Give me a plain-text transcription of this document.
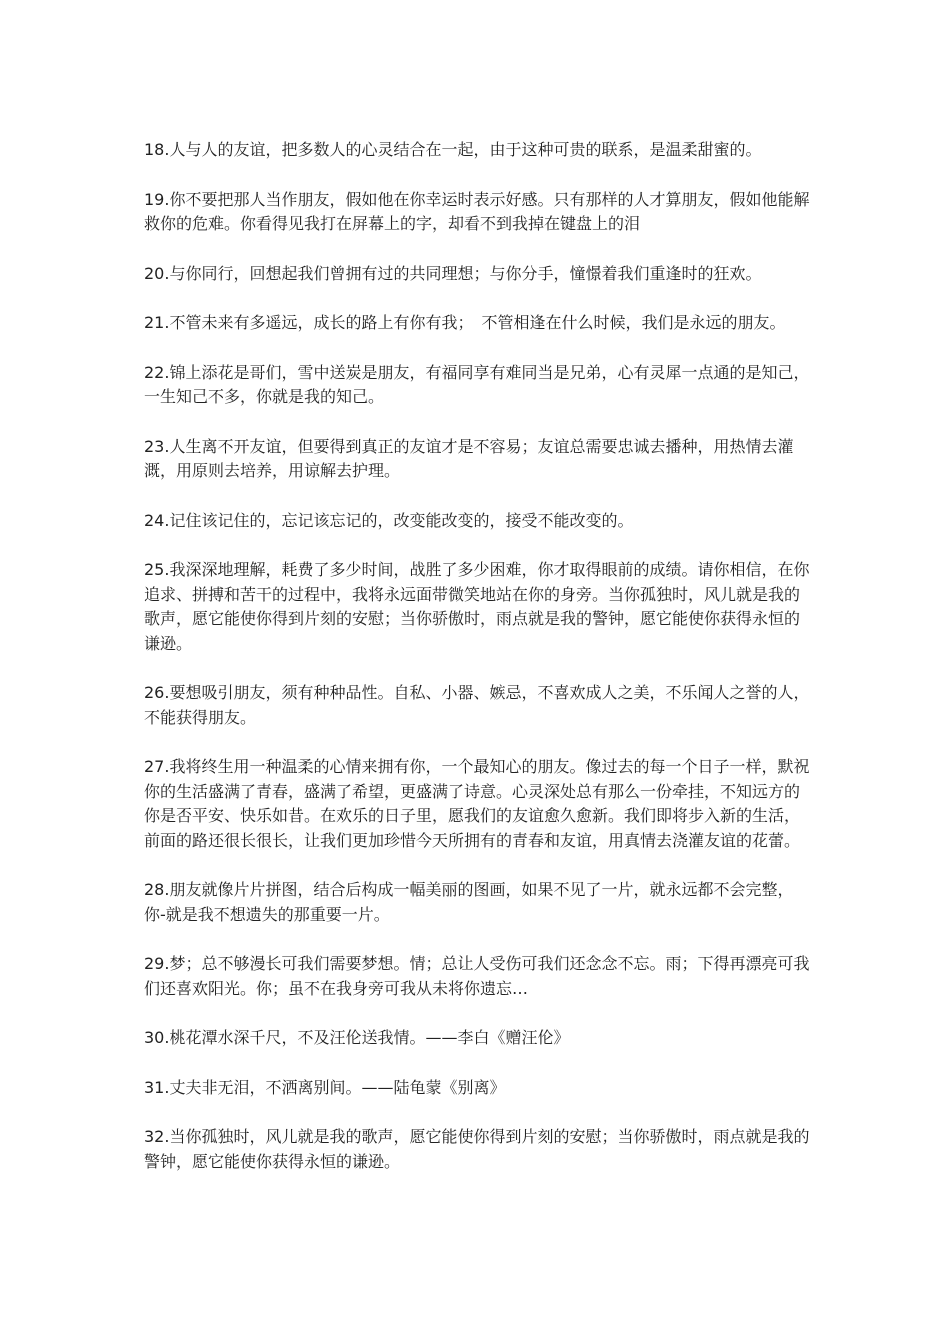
18.人与人的友谊，把多数人的心灵结合在一起，由于这种可贵的联系，是温柔甜蜜的。

19.你不要把那人当作朋友，假如他在你幸运时表示好感。只有那样的人才算朋友，假如他能解救你的危难。你看得见我打在屏幕上的字，却看不到我掉在键盘上的泪

20.与你同行，回想起我们曾拥有过的共同理想；与你分手，憧憬着我们重逢时的狂欢。

21.不管未来有多遥远，成长的路上有你有我；　不管相逢在什么时候，我们是永远的朋友。

22.锦上添花是哥们，雪中送炭是朋友，有福同享有难同当是兄弟，心有灵犀一点通的是知己，一生知己不多，你就是我的知己。

23.人生离不开友谊，但要得到真正的友谊才是不容易；友谊总需要忠诚去播种，用热情去灌溉，用原则去培养，用谅解去护理。

24.记住该记住的，忘记该忘记的，改变能改变的，接受不能改变的。

25.我深深地理解，耗费了多少时间，战胜了多少困难，你才取得眼前的成绩。请你相信，在你追求、拼搏和苦干的过程中，我将永远面带微笑地站在你的身旁。当你孤独时，风儿就是我的歌声，愿它能使你得到片刻的安慰；当你骄傲时，雨点就是我的警钟，愿它能使你获得永恒的谦逊。

26.要想吸引朋友，须有种种品性。自私、小器、嫉忌，不喜欢成人之美，不乐闻人之誉的人，不能获得朋友。

27.我将终生用一种温柔的心情来拥有你，一个最知心的朋友。像过去的每一个日子一样，默祝你的生活盛满了青春，盛满了希望，更盛满了诗意。心灵深处总有那么一份牵挂，不知远方的你是否平安、快乐如昔。在欢乐的日子里，愿我们的友谊愈久愈新。我们即将步入新的生活，前面的路还很长很长，让我们更加珍惜今天所拥有的青春和友谊，用真情去浇灌友谊的花蕾。

28.朋友就像片片拼图，结合后构成一幅美丽的图画，如果不见了一片，就永远都不会完整，你-就是我不想遗失的那重要一片。

29.梦；总不够漫长可我们需要梦想。情；总让人受伤可我们还念念不忘。雨；下得再漂亮可我们还喜欢阳光。你；虽不在我身旁可我从未将你遗忘…

30.桃花潭水深千尺，不及汪伦送我情。——李白《赠汪伦》

31.丈夫非无泪，不洒离别间。——陆龟蒙《别离》

32.当你孤独时，风儿就是我的歌声，愿它能使你得到片刻的安慰；当你骄傲时，雨点就是我的警钟，愿它能使你获得永恒的谦逊。
